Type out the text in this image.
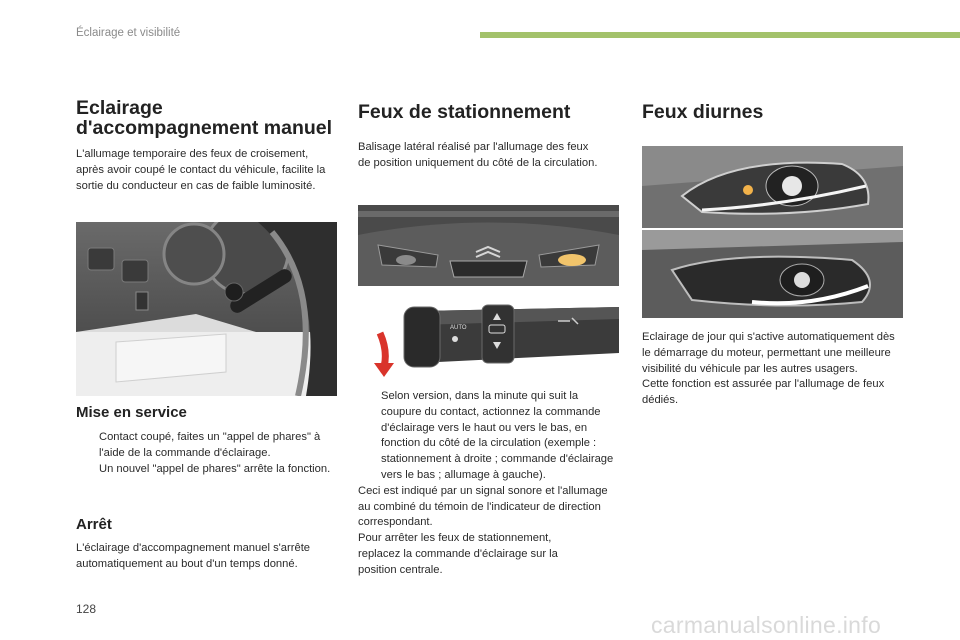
Éclairage et visibilité
Eclairage d'accompagnement manuel

L'allumage temporaire des feux de croisement, après avoir coupé le contact du véhicule, facilite la sortie du conducteur en cas de faible luminosité.

Mise en service
Contact coupé, faites un "appel de phares" à l'aide de la commande d'éclairage.
Un nouvel "appel de phares" arrête la fonction.
Arrêt

L'éclairage d'accompagnement manuel s'arrête automatiquement au bout d'un temps donné.

Feux de stationnement

Balisage latéral réalisé par l'allumage des feux de position uniquement du côté de la circulation.

AUTO
Selon version, dans la minute qui suit la coupure du contact, actionnez la commande d'éclairage vers le haut ou vers le bas, en fonction du côté de la circulation (exemple : stationnement à droite ; commande d'éclairage vers le bas ; allumage à gauche).

Ceci est indiqué par un signal sonore et l'allumage au combiné du témoin de l'indicateur de direction correspondant.

Pour arrêter les feux de stationnement, replacez la commande d'éclairage sur la position centrale.

Feux diurnes

Eclairage de jour qui s'active automatiquement dès le démarrage du moteur, permettant une meilleure visibilité du véhicule par les autres usagers.

Cette fonction est assurée par l'allumage de feux dédiés.

128
carmanualsonline.info
